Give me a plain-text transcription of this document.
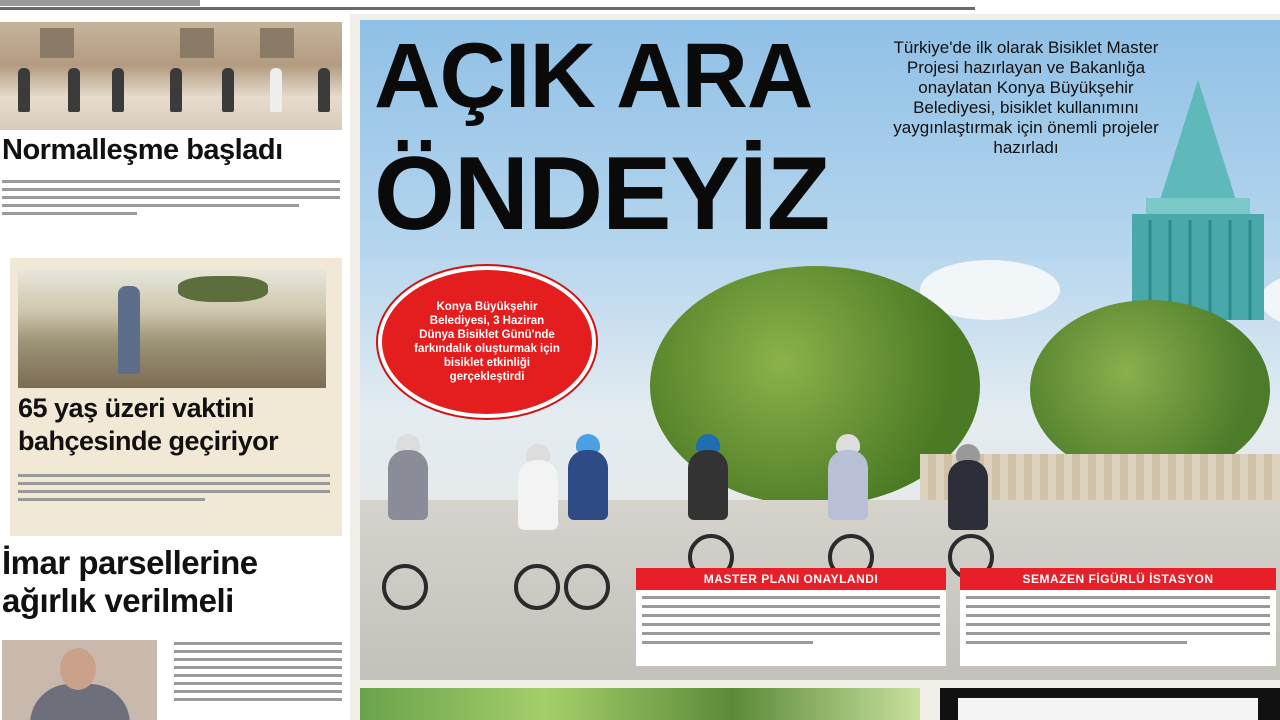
Normalleşme başladı
65 yaş üzeri vaktini
bahçesinde geçiriyor
İmar parsellerine
ağırlık verilmeli
AÇIK ARA
ÖNDEYİZ
Türkiye'de ilk olarak Bisiklet Master Projesi hazırlayan ve Bakanlığa onaylatan Konya Büyükşehir Belediyesi, bisiklet kullanımını yaygınlaştırmak için önemli projeler hazırladı
Konya Büyükşehir Belediyesi, 3 Haziran Dünya Bisiklet Günü'nde farkındalık oluşturmak için bisiklet etkinliği gerçekleştirdi
MASTER PLANI ONAYLANDI	SEMAZEN FİGÜRLÜ İSTASYON
